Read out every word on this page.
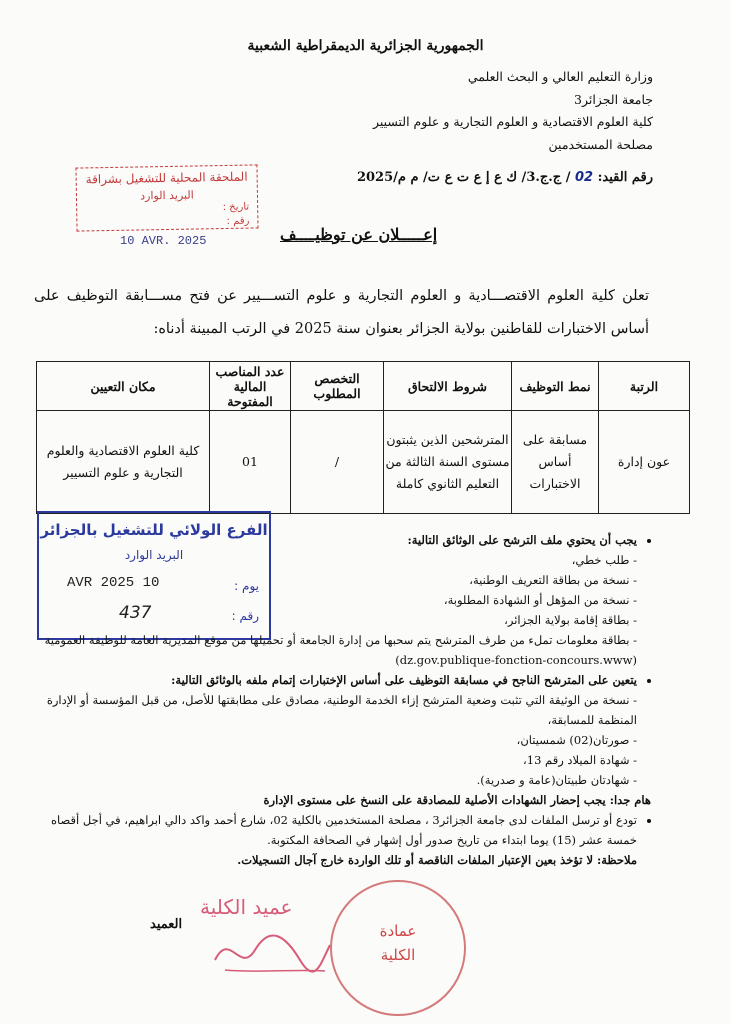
الجمهورية الجزائرية الديمقراطية الشعبية
وزارة التعليم العالي و البحث العلمي
جامعة الجزائر3
كلية العلوم الاقتصادية و العلوم التجارية و علوم التسيير
مصلحة المستخدمين
رقم القيد: 02 / ج.ج.3/ ك ع إ ع ت ع ت/ م م/2025
الملحقة المحلية للتشغيل بشراقة
البريد الوارد
تاريخ :
رقم :
10 AVR. 2025	إعـــــلان عن توظيــــف
تعلن كلية العلوم الاقتصـــادية و العلوم التجارية و علوم التســـيير عن فتح مســـابقة التوظيف على أساس الاختبارات للقاطنين بولاية الجزائر بعنوان سنة 2025 في الرتب المبينة أدناه:
الرتبة	نمط التوظيف	شروط الالتحاق	التخصص المطلوب	عدد المناصب المالية المفتوحة	مكان التعيين
عون إدارة	مسابقة على أساس الاختبارات	المترشحين الذين يثبتون مستوى السنة الثالثة من التعليم الثانوي كاملة	/	01	كلية العلوم الاقتصادية والعلوم التجارية و علوم التسيير
الفرع الولائي للتشغيل بالجزائر
البريد الوارد
يوم :
رقم :
10 AVR 2025
437
• يجب أن يحتوي ملف الترشح على الوثائق التالية:
- طلب خطي،
- نسخة من بطاقة التعريف الوطنية،
- نسخة من المؤهل أو الشهادة المطلوبة،
- بطاقة إقامة بولاية الجزائر،
- بطاقة معلومات تملء من طرف المترشح يتم سحبها من إدارة الجامعة أو تحميلها من موقع المديرية العامة للوظيفة العمومية (dz.gov.publique-fonction-concours.www)
• يتعين على المترشح الناجح في مسابقة التوظيف على أساس الإختبارات إتمام ملفه بالوثائق التالية:
- نسخة من الوثيقة التي تثبت وضعية المترشح إزاء الخدمة الوطنية، مصادق على مطابقتها للأصل، من قبل المؤسسة أو الإدارة المنظمة للمسابقة،
- صورتان(02) شمسيتان،
- شهادة الميلاد رقم 13،
- شهادتان طبيتان(عامة و صدرية).
هام جدا: يجب إحضار الشهادات الأصلية للمصادقة على النسخ على مستوى الإدارة
• تودع أو ترسل الملفات لدى جامعة الجزائر3 ، مصلحة المستخدمين بالكلية 02، شارع أحمد واكد دالي ابراهيم، في أجل أقصاه خمسة عشر (15) يوما ابتداء من تاريخ صدور أول إشهار في الصحافة المكتوبة.
ملاحظة: لا تؤخذ بعين الإعتبار الملفات الناقصة أو تلك الواردة خارج آجال التسجيلات.
عميد الكلية
عمادة
الكلية
العميد
